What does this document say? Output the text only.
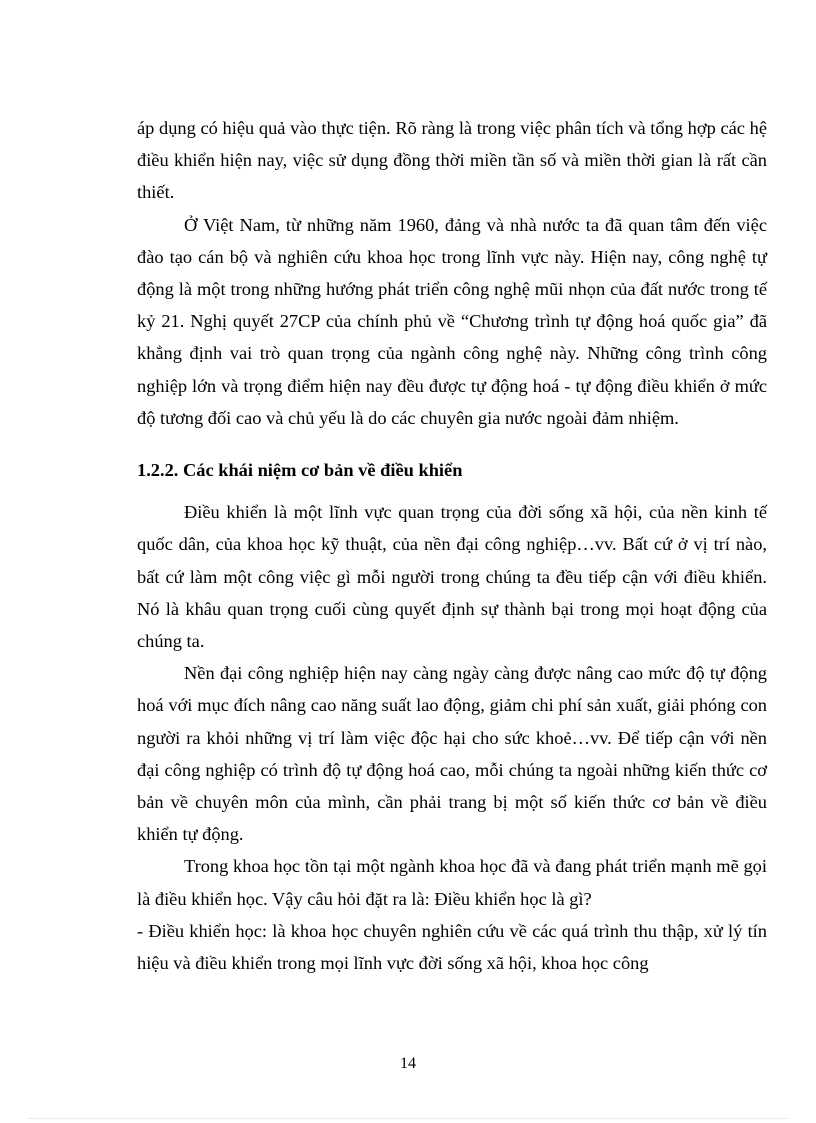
áp dụng có hiệu quả vào thực tiện. Rõ ràng là trong việc phân tích và tổng hợp các hệ điều khiển hiện nay, việc sử dụng đồng thời miền tần số và miền thời gian là rất cần thiết.

Ở Việt Nam, từ những năm 1960, đảng và nhà nước ta đã quan tâm đến việc đào tạo cán bộ và nghiên cứu khoa học trong lĩnh vực này. Hiện nay, công nghệ tự động là một trong những hướng phát triển công nghệ mũi nhọn của đất nước trong tế kỷ 21. Nghị quyết 27CP của chính phủ về “Chương trình tự động hoá quốc gia” đã khẳng định vai trò quan trọng của ngành công nghệ này. Những công trình công nghiệp lớn và trọng điểm hiện nay đều được tự động hoá - tự động điều khiển ở mức độ tương đối cao và chủ yếu là do các chuyên gia nước ngoài đảm nhiệm.

1.2.2. Các khái niệm cơ bản về điều khiển

Điều khiển là một lĩnh vực quan trọng của đời sống xã hội, của nền kinh tế quốc dân, của khoa học kỹ thuật, của nền đại công nghiệp…vv. Bất cứ ở vị trí nào, bất cứ làm một công việc gì mỗi người trong chúng ta đều tiếp cận với điều khiển. Nó là khâu quan trọng cuối cùng quyết định sự thành bại trong mọi hoạt động của chúng ta.

Nền đại công nghiệp hiện nay càng ngày càng được nâng cao mức độ tự động hoá với mục đích nâng cao năng suất lao động, giảm chi phí sản xuất, giải phóng con người ra khỏi những vị trí làm việc độc hại cho sức khoẻ…vv. Để tiếp cận với nền đại công nghiệp có trình độ tự động hoá cao, mỗi chúng ta ngoài những kiến thức cơ bản về chuyên môn của mình, cần phải trang bị một số kiến thức cơ bản về điều khiển tự động.

Trong khoa học tồn tại một ngành khoa học đã và đang phát triển mạnh mẽ gọi là điều khiển học. Vậy câu hỏi đặt ra là: Điều khiển học là gì?

- Điều khiển học: là khoa học chuyên nghiên cứu về các quá trình thu thập, xử lý tín hiệu và điều khiển trong mọi lĩnh vực đời sống xã hội, khoa học công

14
